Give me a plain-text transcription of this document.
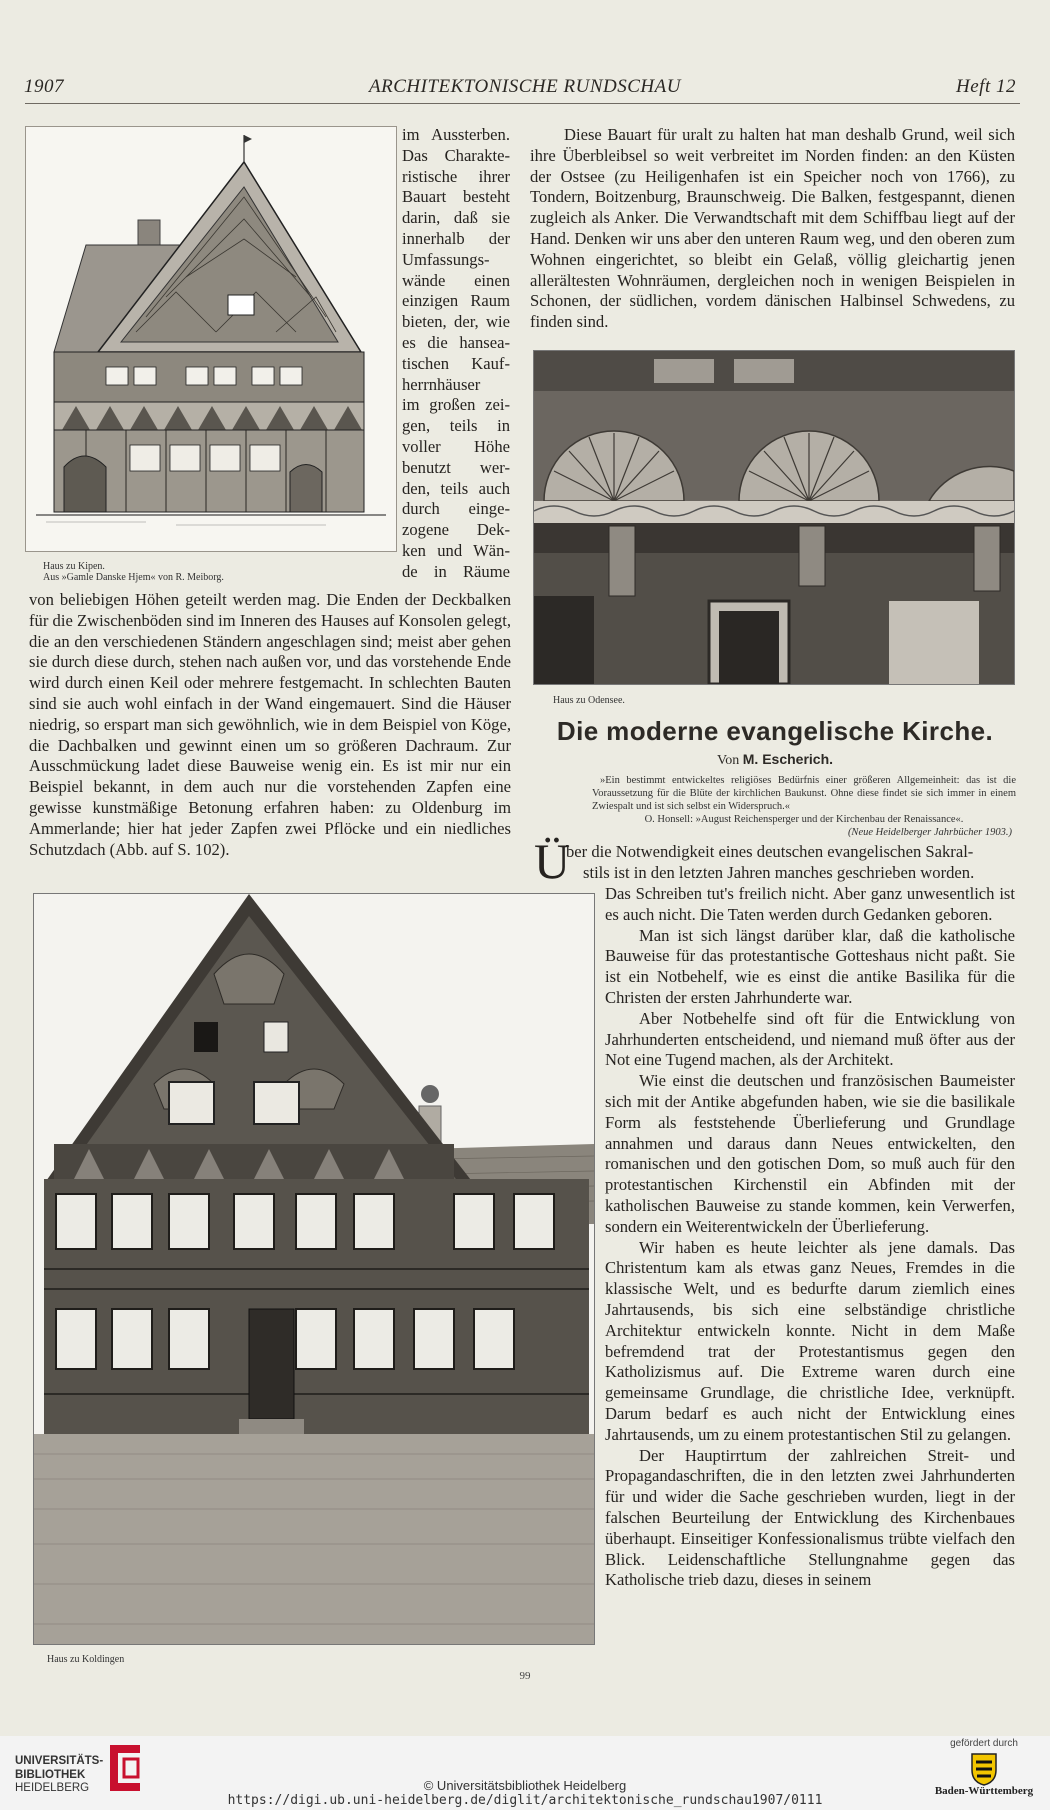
1907	ARCHITEKTONISCHE RUNDSCHAU	Heft 12
Haus zu Kipen.
Aus »Gamle Danske Hjem« von R. Meiborg.
im Aussterben.
Das Charakte-
ristische ihrer
Bauart besteht
darin, daß sie
innerhalb der
Umfassungs-
wände einen
einzigen Raum
bieten, der, wie
es die hansea-
tischen Kauf-
herrnhäuser
im großen zei-
gen, teils in
voller Höhe
benutzt wer-
den, teils auch
durch einge-
zogene Dek-
ken und Wän-
de in Räume

von beliebigen Höhen geteilt werden mag. Die Enden der Deckbalken für die Zwischenböden sind im Inneren des Hauses auf Konsolen gelegt, die an den verschiedenen Ständern angeschlagen sind; meist aber gehen sie durch diese durch, stehen nach außen vor, und das vorstehende Ende wird durch einen Keil oder mehrere festgemacht. In schlechten Bauten sind sie auch wohl einfach in der Wand eingemauert. Sind die Häuser niedrig, so erspart man sich gewöhnlich, wie in dem Beispiel von Köge, die Dachbalken und gewinnt einen um so größeren Dachraum. Zur Ausschmückung ladet diese Bauweise wenig ein. Es ist mir nur ein Beispiel bekannt, in dem auch nur die vorstehenden Zapfen eine gewisse kunstmäßige Betonung erfahren haben: zu Oldenburg im Ammerlande; hier hat jeder Zapfen zwei Pflöcke und ein niedliches Schutzdach (Abb. auf S. 102).

Diese Bauart für uralt zu halten hat man deshalb Grund, weil sich ihre Überbleibsel so weit verbreitet im Norden finden: an den Küsten der Ostsee (zu Heiligenhafen ist ein Speicher noch von 1766), zu Tondern, Boitzenburg, Braunschweig. Die Balken, festgespannt, dienen zugleich als Anker. Die Verwandtschaft mit dem Schiffbau liegt auf der Hand. Denken wir uns aber den unteren Raum weg, und den oberen zum Wohnen eingerichtet, so bleibt ein Gelaß, völlig gleichartig jenen allerältesten Wohnräumen, dergleichen noch in wenigen Beispielen in Schonen, der südlichen, vordem dänischen Halbinsel Schwedens, zu finden sind.

Haus zu Odensee.
Die moderne evangelische Kirche.
Von M. Escherich.
»Ein bestimmt entwickeltes religiöses Bedürfnis einer größeren Allgemeinheit: das ist die Voraussetzung für die Blüte der kirchlichen Baukunst. Ohne diese findet sie sich immer in einem Zwiespalt und ist sich selbst ein Widerspruch.«
O. Honsell: »August Reichensperger und der Kirchenbau der Renaissance«.
(Neue Heidelberger Jahrbücher 1903.)
Ü
ber die Notwendigkeit eines deutschen evangelischen Sakral-
stils ist in den letzten Jahren manches geschrieben worden.

Das Schreiben tut's freilich nicht. Aber ganz unwesentlich ist es auch nicht. Die Taten werden durch Gedanken geboren.

Man ist sich längst darüber klar, daß die katholische Bauweise für das protestantische Gotteshaus nicht paßt. Sie ist ein Notbehelf, wie es einst die antike Basilika für die Christen der ersten Jahrhunderte war.

Aber Notbehelfe sind oft für die Entwicklung von Jahrhunderten entscheidend, und niemand muß öfter aus der Not eine Tugend machen, als der Architekt.

Wie einst die deutschen und französischen Baumeister sich mit der Antike abgefunden haben, wie sie die basilikale Form als feststehende Überlieferung und Grundlage annahmen und daraus dann Neues entwickelten, den romanischen und den gotischen Dom, so muß auch für den protestantischen Kirchenstil ein Abfinden mit der katholischen Bauweise zu stande kommen, kein Verwerfen, sondern ein Weiterentwickeln der Überlieferung.

Wir haben es heute leichter als jene damals. Das Christentum kam als etwas ganz Neues, Fremdes in die klassische Welt, und es bedurfte darum ziemlich eines Jahrtausends, bis sich eine selbständige christliche Architektur entwickeln konnte. Nicht in dem Maße befremdend trat der Protestantismus gegen den Katholizismus auf. Die Extreme waren durch eine gemeinsame Grundlage, die christliche Idee, verknüpft. Darum bedarf es auch nicht der Entwicklung eines Jahrtausends, um zu einem protestantischen Stil zu gelangen.

Der Hauptirrtum der zahlreichen Streit- und Propagandaschriften, die in den letzten zwei Jahrhunderten für und wider die Sache geschrieben wurden, liegt in der falschen Beurteilung der Entwicklung des Kirchenbaues überhaupt. Einseitiger Konfessionalismus trübte vielfach den Blick. Leidenschaftliche Stellungnahme gegen das Katholische trieb dazu, dieses in seinem

Haus zu Koldingen
99
UNIVERSITÄTS-
BIBLIOTHEK
HEIDELBERG	© Universitätsbibliothek Heidelberg
https://digi.ub.uni-heidelberg.de/diglit/architektonische_rundschau1907/0111
gefördert durch
Baden-Württemberg
